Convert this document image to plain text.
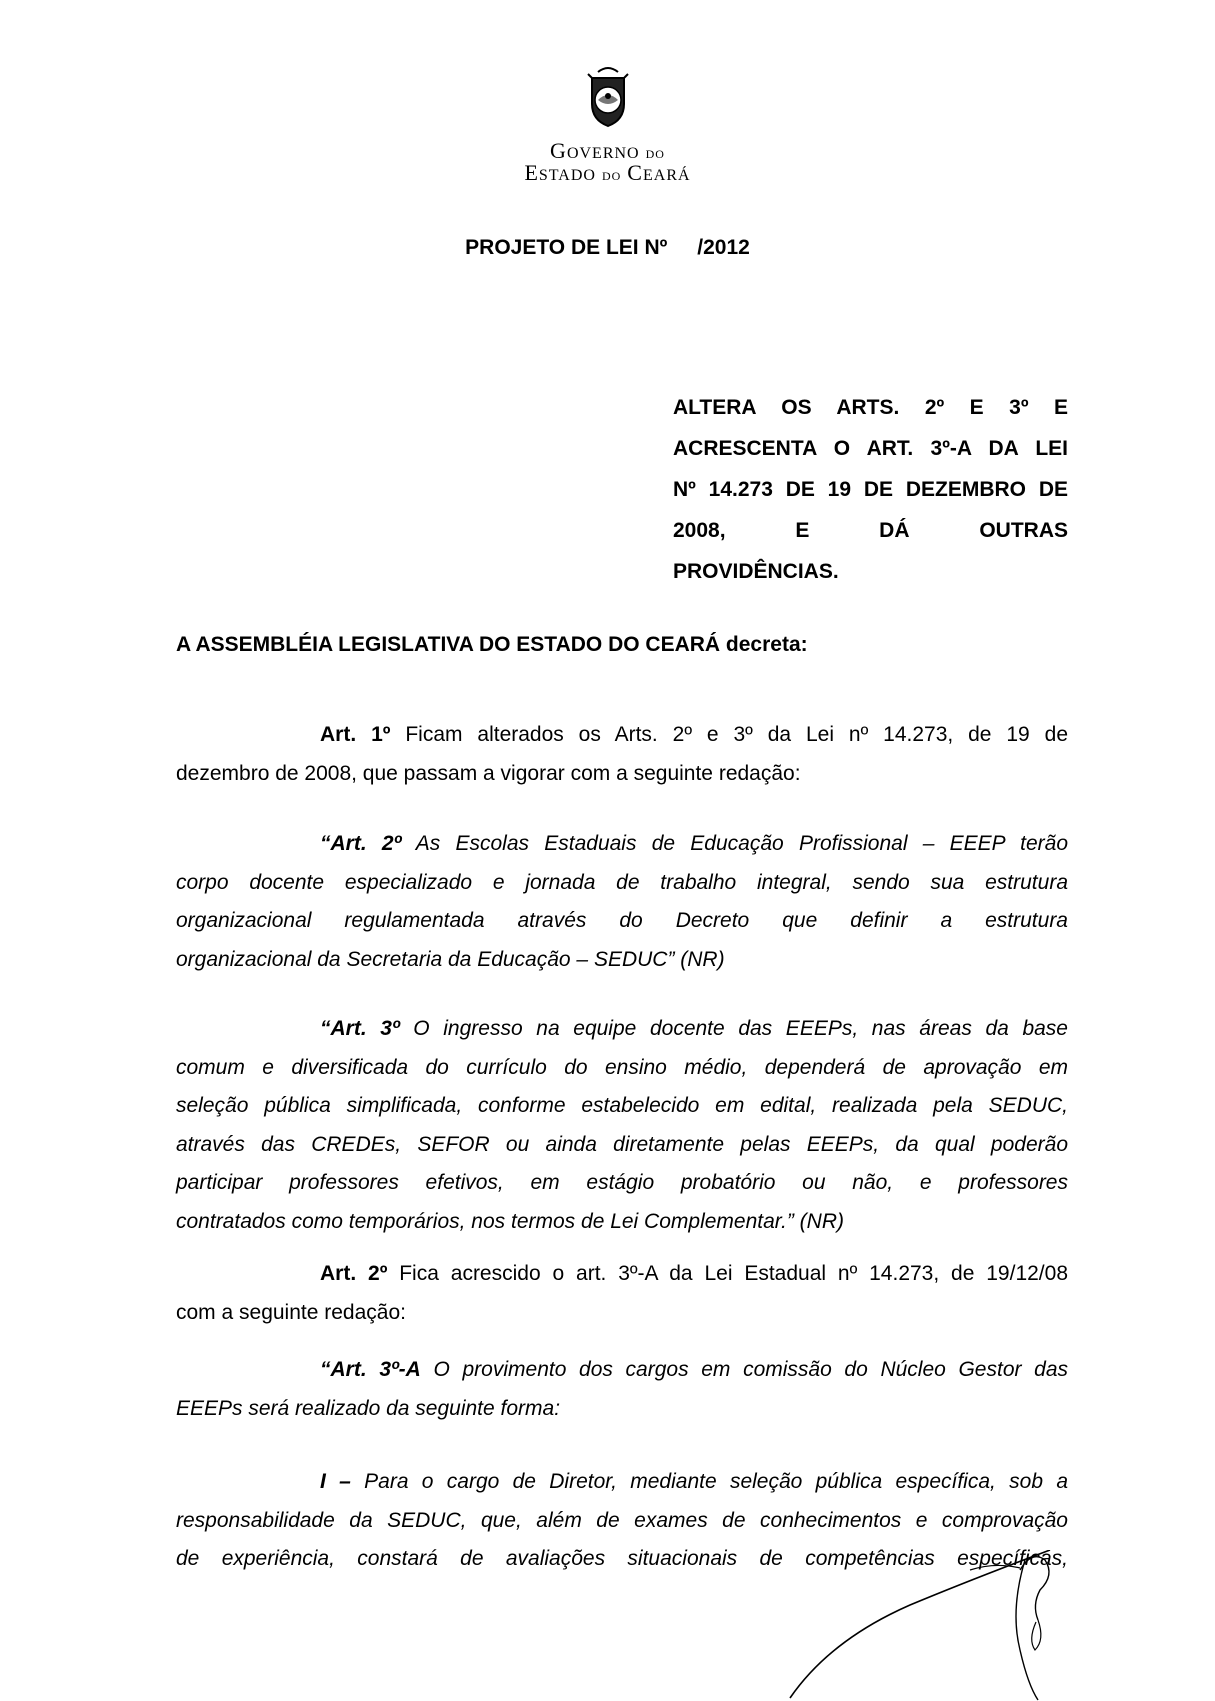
GOVERNO DO
ESTADO DO CEARÁ
PROJETO DE LEI Nº /2012
ALTERA OS ARTS. 2º E 3º E
ACRESCENTA O ART. 3º-A DA LEI
Nº 14.273 DE 19 DE DEZEMBRO DE
2008, E DÁ OUTRAS
PROVIDÊNCIAS.
A ASSEMBLÉIA LEGISLATIVA DO ESTADO DO CEARÁ decreta:
Art. 1º Ficam alterados os Arts. 2º e 3º da Lei nº 14.273, de 19 de
dezembro de 2008, que passam a vigorar com a seguinte redação:
“Art. 2º As Escolas Estaduais de Educação Profissional – EEEP terão
corpo docente especializado e jornada de trabalho integral, sendo sua estrutura
organizacional regulamentada através do Decreto que definir a estrutura
organizacional da Secretaria da Educação – SEDUC” (NR)
“Art. 3º O ingresso na equipe docente das EEEPs, nas áreas da base
comum e diversificada do currículo do ensino médio, dependerá de aprovação em
seleção pública simplificada, conforme estabelecido em edital, realizada pela SEDUC,
através das CREDEs, SEFOR ou ainda diretamente pelas EEEPs, da qual poderão
participar professores efetivos, em estágio probatório ou não, e professores
contratados como temporários, nos termos de Lei Complementar.” (NR)
Art. 2º Fica acrescido o art. 3º-A da Lei Estadual nº 14.273, de 19/12/08
com a seguinte redação:
“Art. 3º-A O provimento dos cargos em comissão do Núcleo Gestor das
EEEPs será realizado da seguinte forma:
I – Para o cargo de Diretor, mediante seleção pública específica, sob a
responsabilidade da SEDUC, que, além de exames de conhecimentos e comprovação
de experiência, constará de avaliações situacionais de competências específicas,
